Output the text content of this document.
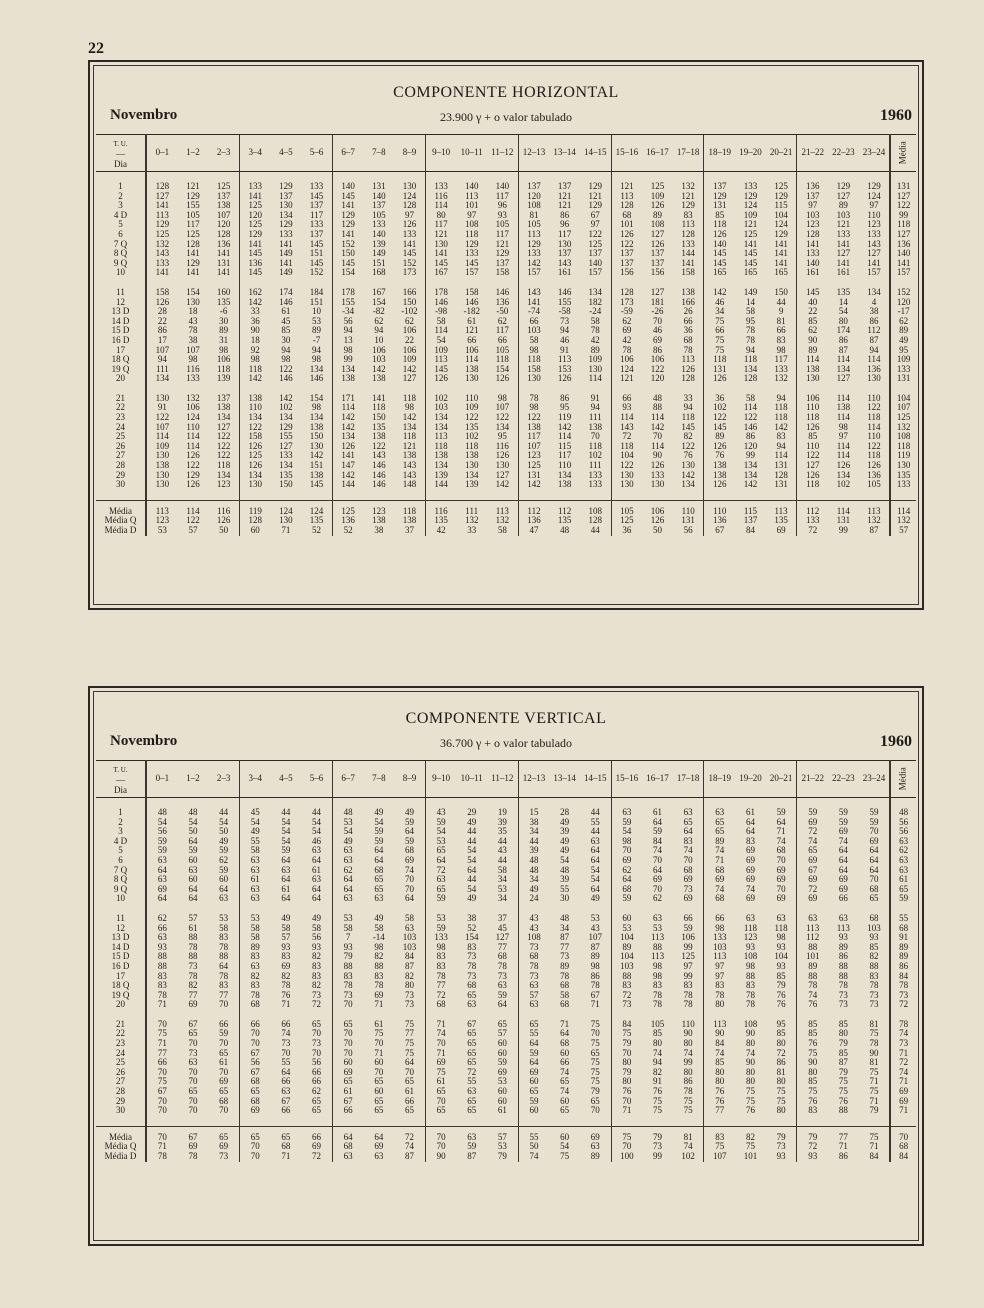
22
COMPONENTE HORIZONTAL
Novembro	23.900 γ + o valor tabulado	1960
T. U.
—
Dia	0–1	1–2	2–3	3–4	4–5	5–6	6–7	7–8	8–9	9–10	10–11	11–12	12–13	13–14	14–15	15–16	16–17	17–18	18–19	19–20	20–21	21–22	22–23	23–24	Média

1	128	121	125	133	129	133	140	131	130	133	140	140	137	137	129	121	125	132	137	133	125	136	129	129	131
2	127	129	137	141	137	145	145	140	124	116	113	117	120	121	121	113	109	121	129	129	129	137	127	124	127
3	141	155	138	125	130	137	141	137	128	114	101	96	108	121	129	128	126	129	131	124	115	97	89	97	122
4 D	113	105	107	120	134	117	129	105	97	80	97	93	81	86	67	68	89	83	85	109	104	103	103	110	99
5	129	117	120	125	129	133	129	133	126	117	108	105	105	96	97	101	108	113	118	121	124	123	121	123	118
6	125	125	128	129	133	137	141	140	133	121	118	117	113	117	122	126	127	128	126	125	129	128	133	133	127
7 Q	132	128	136	141	141	145	152	139	141	130	129	121	129	130	125	122	126	133	140	141	141	141	141	143	136
8 Q	143	141	141	145	149	151	150	149	145	141	133	129	133	137	137	137	137	144	145	145	141	133	127	127	140
9 Q	133	129	131	136	141	145	145	151	152	145	145	137	142	143	140	137	137	141	145	145	141	140	141	141	141
10	141	141	141	145	149	152	154	168	173	167	157	158	157	161	157	156	156	158	165	165	165	161	161	157	157

11	158	154	160	162	174	184	178	167	166	178	158	146	143	146	134	128	127	138	142	149	150	145	135	134	152
12	126	130	135	142	146	151	155	154	150	146	146	136	141	155	182	173	181	166	46	14	44	40	14	4	120
13 D	28	18	-6	33	61	10	-34	-82	-102	-98	-182	-50	-74	-58	-24	-59	-26	26	34	58	9	22	54	38	-17
14 D	22	43	30	36	45	53	56	62	62	58	61	62	66	73	58	62	70	66	75	95	81	85	80	86	62
15 D	86	78	89	90	85	89	94	94	106	114	121	117	103	94	78	69	46	36	66	78	66	62	174	112	89
16 D	17	38	31	18	30	-7	13	10	22	54	66	66	58	46	42	42	69	68	75	78	83	90	86	87	49
17	107	107	98	92	94	94	98	106	106	109	106	105	98	91	89	78	86	78	75	94	98	89	87	94	95
18 Q	94	98	106	98	98	98	99	103	109	113	114	118	118	113	109	106	106	113	118	118	117	114	114	114	109
19 Q	111	116	118	118	122	134	134	142	142	145	138	154	158	153	130	124	122	126	131	134	133	138	134	136	133
20	134	133	139	142	146	146	138	138	127	126	130	126	130	126	114	121	120	128	126	128	132	130	127	130	131

21	130	132	137	138	142	154	171	141	118	102	110	98	78	86	91	66	48	33	36	58	94	106	114	110	104
22	91	106	138	110	102	98	114	118	98	103	109	107	98	95	94	93	88	94	102	114	118	110	138	122	107
23	122	124	134	134	134	134	142	150	142	134	122	122	122	119	111	114	114	118	122	122	118	118	114	118	125
24	107	110	127	122	129	138	142	135	134	134	135	134	138	142	138	143	142	145	145	146	142	126	98	114	132
25	114	114	122	158	155	150	134	138	118	113	102	95	117	114	70	72	70	82	89	86	83	85	97	110	108
26	109	114	122	126	127	130	126	122	121	118	118	116	107	115	118	118	114	122	126	120	94	110	114	122	118
27	130	126	122	125	133	142	141	143	138	138	138	126	123	117	102	104	90	76	76	99	114	122	114	118	119
28	138	122	118	126	134	151	147	146	143	134	130	130	125	110	111	122	126	130	138	134	131	127	126	126	130
29	130	129	134	134	135	138	142	146	143	139	134	127	131	134	133	130	133	142	138	134	128	126	134	136	135
30	130	126	123	130	150	145	144	146	148	144	139	142	142	138	133	130	130	134	126	142	131	118	102	105	133

Média	113	114	116	119	124	124	125	123	118	116	111	113	112	112	108	105	106	110	110	115	113	112	114	113	114
Média Q	123	122	126	128	130	135	136	138	138	135	132	132	136	135	128	125	126	131	136	137	135	133	131	132	132
Média D	53	57	50	60	71	52	52	38	37	42	33	58	47	48	44	36	50	56	67	84	69	72	99	87	57
COMPONENTE VERTICAL
Novembro	36.700 γ + o valor tabulado	1960
T. U.
—
Dia	0–1	1–2	2–3	3–4	4–5	5–6	6–7	7–8	8–9	9–10	10–11	11–12	12–13	13–14	14–15	15–16	16–17	17–18	18–19	19–20	20–21	21–22	22–23	23–24	Média

1	48	48	44	45	44	44	48	49	49	43	29	19	15	28	44	63	61	63	63	61	59	59	59	59	48
2	54	54	54	54	54	54	53	54	59	59	49	39	38	49	55	59	64	65	65	64	64	69	59	59	56
3	56	50	50	49	54	54	54	59	64	54	44	35	34	39	44	54	59	64	65	64	71	72	69	70	56
4 D	59	64	49	55	54	46	49	59	59	53	44	44	44	49	63	98	84	83	89	83	74	74	74	69	63
5	59	59	59	58	59	63	63	64	68	65	54	43	39	49	64	70	74	74	74	69	68	65	64	64	62
6	63	60	62	63	64	64	63	64	69	64	54	44	48	54	64	69	70	70	71	69	70	69	64	64	63
7 Q	64	63	59	63	63	61	62	68	74	72	64	58	48	48	54	62	64	68	68	69	69	67	64	64	63
8 Q	63	60	60	61	64	63	64	65	70	63	44	34	34	39	54	64	69	69	69	69	69	69	69	70	61
9 Q	69	64	64	63	61	64	64	65	70	65	54	53	49	55	64	68	70	73	74	74	70	72	69	68	65
10	64	64	63	63	64	64	63	63	64	59	49	34	24	30	49	59	62	69	68	69	69	69	66	65	59

11	62	57	53	53	49	49	53	49	58	53	38	37	43	48	53	60	63	66	66	63	63	63	63	68	55
12	66	61	58	58	58	58	58	58	63	59	52	45	43	34	43	53	53	59	98	118	118	113	113	103	68
13 D	63	88	83	58	57	56	7	-14	103	133	154	127	108	87	107	104	113	106	133	123	98	112	93	93	91
14 D	93	78	78	89	93	93	93	98	103	98	83	77	73	77	87	89	88	99	103	93	93	88	89	85	89
15 D	88	88	88	83	83	82	79	82	84	83	73	68	68	73	89	104	113	125	113	108	104	101	86	82	89
16 D	88	73	64	63	69	83	88	88	87	83	78	78	78	89	98	103	98	97	97	98	93	89	88	88	86
17	83	78	78	82	82	83	83	83	82	78	73	73	73	78	86	88	98	99	97	88	85	88	88	83	84
18 Q	83	82	83	83	78	82	78	78	80	77	68	63	63	68	78	83	83	83	83	83	79	78	78	78	78
19 Q	78	77	77	78	76	73	73	69	73	72	65	59	57	58	67	72	78	78	78	78	76	74	73	73	73
20	71	69	70	68	71	72	70	71	73	68	63	64	63	68	71	73	78	78	80	78	76	76	73	73	72

21	70	67	66	66	66	65	65	61	75	71	67	65	65	71	75	84	105	110	113	108	95	85	85	81	78
22	75	65	59	70	74	70	70	75	77	74	65	57	55	64	70	75	85	90	90	90	85	85	80	75	74
23	71	70	70	70	73	73	70	70	75	70	65	60	64	68	75	79	80	80	84	80	80	76	79	78	73
24	77	73	65	67	70	70	70	71	75	71	65	60	59	60	65	70	74	74	74	74	72	75	85	90	71
25	66	63	61	56	55	56	60	60	64	69	65	59	64	66	75	80	94	99	85	90	86	90	87	81	72
26	70	70	70	67	64	66	69	70	70	75	72	69	69	74	75	79	82	80	80	80	81	80	79	75	74
27	75	70	69	68	66	66	65	65	65	61	55	53	60	65	75	80	91	86	80	80	80	85	75	71	71
28	67	65	65	65	63	62	61	60	61	65	63	60	65	74	79	76	76	78	76	75	75	75	75	75	69
29	70	70	68	68	67	65	67	65	66	70	65	60	59	60	65	70	75	75	76	75	75	76	76	71	69
30	70	70	70	69	66	65	66	65	65	65	65	61	60	65	70	71	75	75	77	76	80	83	88	79	71

Média	70	67	65	65	65	66	64	64	72	70	63	57	55	60	69	75	79	81	83	82	79	79	77	75	70
Média Q	71	69	69	70	68	69	68	69	74	70	59	53	50	54	63	70	73	74	75	75	73	72	71	71	68
Média D	78	78	73	70	71	72	63	63	87	90	87	79	74	75	89	100	99	102	107	101	93	93	86	84	84
